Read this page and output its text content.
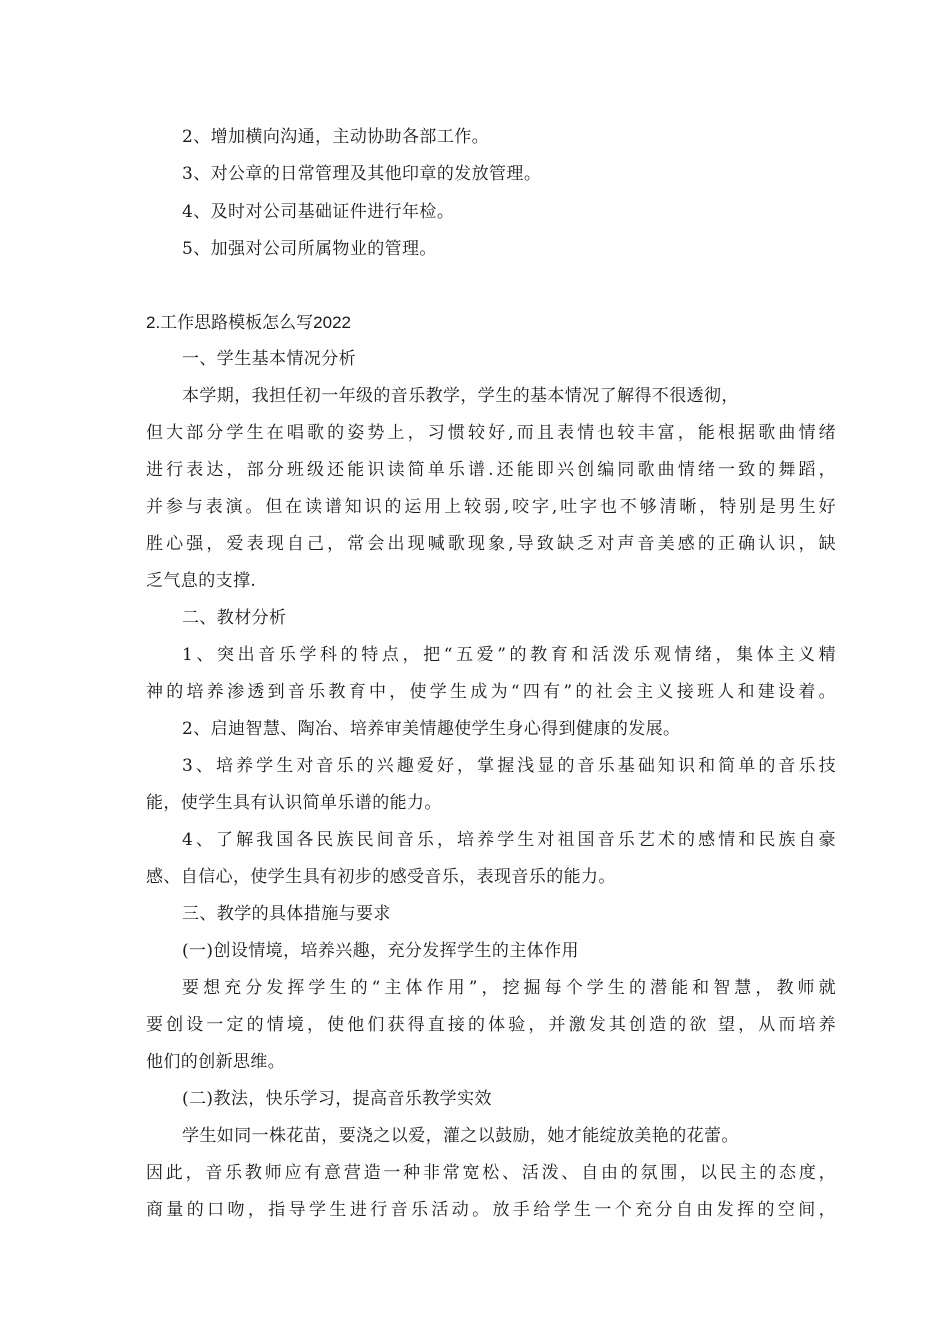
2、增加横向沟通，主动协助各部工作。
3、对公章的日常管理及其他印章的发放管理。
4、及时对公司基础证件进行年检。
5、加强对公司所属物业的管理。
2.工作思路模板怎么写2022
一、学生基本情况分析
本学期，我担任初一年级的音乐教学，学生的基本情况了解得不很透彻，
但大部分学生在唱歌的姿势上，习惯较好,而且表情也较丰富，能根据歌曲情绪
进行表达，部分班级还能识读简单乐谱.还能即兴创编同歌曲情绪一致的舞蹈，
并参与表演。但在读谱知识的运用上较弱,咬字,吐字也不够清晰，特别是男生好
胜心强，爱表现自己，常会出现喊歌现象,导致缺乏对声音美感的正确认识，缺
乏气息的支撑.
二、教材分析
1、突出音乐学科的特点，把“五爱”的教育和活泼乐观情绪，集体主义精
神的培养渗透到音乐教育中，使学生成为“四有”的社会主义接班人和建设着。
2、启迪智慧、陶冶、培养审美情趣使学生身心得到健康的发展。
3、培养学生对音乐的兴趣爱好，掌握浅显的音乐基础知识和简单的音乐技
能，使学生具有认识简单乐谱的能力。
4、了解我国各民族民间音乐，培养学生对祖国音乐艺术的感情和民族自豪
感、自信心，使学生具有初步的感受音乐，表现音乐的能力。
三、教学的具体措施与要求
(一)创设情境，培养兴趣，充分发挥学生的主体作用
要想充分发挥学生的“主体作用”，挖掘每个学生的潜能和智慧，教师就
要创设一定的情境，使他们获得直接的体验，并激发其创造的欲 望，从而培养
他们的创新思维。
(二)教法，快乐学习，提高音乐教学实效
学生如同一株花苗，要浇之以爱，灌之以鼓励，她才能绽放美艳的花蕾。
因此，音乐教师应有意营造一种非常宽松、活泼、自由的氛围，以民主的态度，
商量的口吻，指导学生进行音乐活动。放手给学生一个充分自由发挥的空间，
